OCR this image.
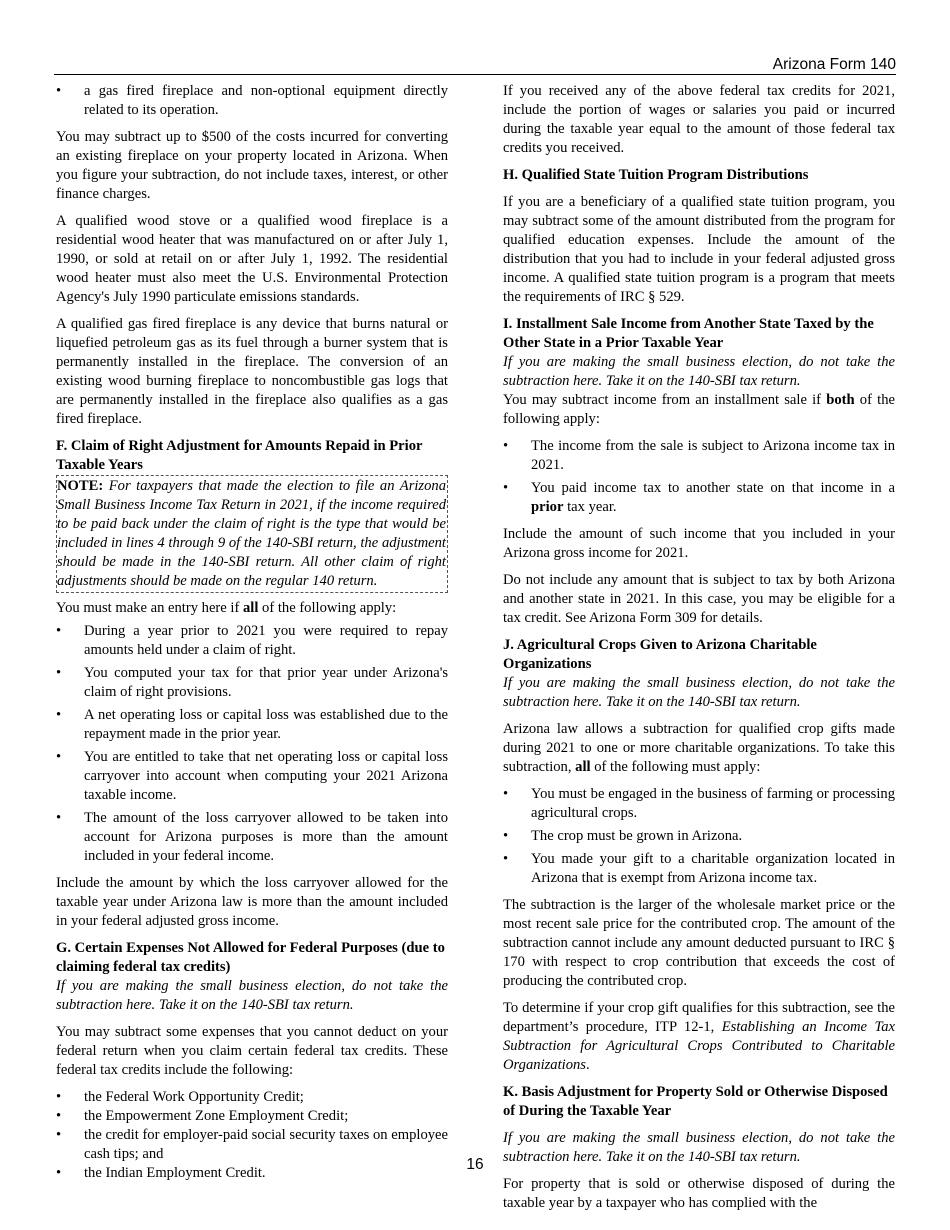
Arizona Form 140
•	a gas fired fireplace and non-optional equipment directly related to its operation.

You may subtract up to $500 of the costs incurred for converting an existing fireplace on your property located in Arizona. When you figure your subtraction, do not include taxes, interest, or other finance charges.

A qualified wood stove or a qualified wood fireplace is a residential wood heater that was manufactured on or after July 1, 1990, or sold at retail on or after July 1, 1992. The residential wood heater must also meet the U.S. Environmental Protection Agency's July 1990 particulate emissions standards.

A qualified gas fired fireplace is any device that burns natural or liquefied petroleum gas as its fuel through a burner system that is permanently installed in the fireplace. The conversion of an existing wood burning fireplace to noncombustible gas logs that are permanently installed in the fireplace also qualifies as a gas fired fireplace.

F. Claim of Right Adjustment for Amounts Repaid in Prior Taxable Years
NOTE: For taxpayers that made the election to file an Arizona Small Business Income Tax Return in 2021, if the income required to be paid back under the claim of right is the type that would be included in lines 4 through 9 of the 140-SBI return, the adjustment should be made in the 140-SBI return. All other claim of right adjustments should be made on the regular 140 return.

You must make an entry here if all of the following apply:

•	During a year prior to 2021 you were required to repay amounts held under a claim of right.
•	You computed your tax for that prior year under Arizona's claim of right provisions.
•	A net operating loss or capital loss was established due to the repayment made in the prior year.
•	You are entitled to take that net operating loss or capital loss carryover into account when computing your 2021 Arizona taxable income.
•	The amount of the loss carryover allowed to be taken into account for Arizona purposes is more than the amount included in your federal income.

Include the amount by which the loss carryover allowed for the taxable year under Arizona law is more than the amount included in your federal adjusted gross income.

G. Certain Expenses Not Allowed for Federal Purposes (due to claiming federal tax credits)

If you are making the small business election, do not take the subtraction here. Take it on the 140-SBI tax return.

You may subtract some expenses that you cannot deduct on your federal return when you claim certain federal tax credits. These federal tax credits include the following:

•	the Federal Work Opportunity Credit;
•	the Empowerment Zone Employment Credit;
•	the credit for employer-paid social security taxes on employee cash tips; and
•	the Indian Employment Credit.

If you received any of the above federal tax credits for 2021, include the portion of wages or salaries you paid or incurred during the taxable year equal to the amount of those federal tax credits you received.

H. Qualified State Tuition Program Distributions

If you are a beneficiary of a qualified state tuition program, you may subtract some of the amount distributed from the program for qualified education expenses. Include the amount of the distribution that you had to include in your federal adjusted gross income. A qualified state tuition program is a program that meets the requirements of IRC § 529.

I. Installment Sale Income from Another State Taxed by the Other State in a Prior Taxable Year

If you are making the small business election, do not take the subtraction here. Take it on the 140-SBI tax return.

You may subtract income from an installment sale if both of the following apply:

•	The income from the sale is subject to Arizona income tax in 2021.
•	You paid income tax to another state on that income in a prior tax year.

Include the amount of such income that you included in your Arizona gross income for 2021.

Do not include any amount that is subject to tax by both Arizona and another state in 2021. In this case, you may be eligible for a tax credit. See Arizona Form 309 for details.

J. Agricultural Crops Given to Arizona Charitable Organizations

If you are making the small business election, do not take the subtraction here. Take it on the 140-SBI tax return.

Arizona law allows a subtraction for qualified crop gifts made during 2021 to one or more charitable organizations. To take this subtraction, all of the following must apply:

•	You must be engaged in the business of farming or processing agricultural crops.
•	The crop must be grown in Arizona.
•	You made your gift to a charitable organization located in Arizona that is exempt from Arizona income tax.

The subtraction is the larger of the wholesale market price or the most recent sale price for the contributed crop. The amount of the subtraction cannot include any amount deducted pursuant to IRC § 170 with respect to crop contribution that exceeds the cost of producing the contributed crop.

To determine if your crop gift qualifies for this subtraction, see the department’s procedure, ITP 12-1, Establishing an Income Tax Subtraction for Agricultural Crops Contributed to Charitable Organizations.

K. Basis Adjustment for Property Sold or Otherwise Disposed of During the Taxable Year

If you are making the small business election, do not take the subtraction here. Take it on the 140-SBI tax return.

For property that is sold or otherwise disposed of during the taxable year by a taxpayer who has complied with the

16
